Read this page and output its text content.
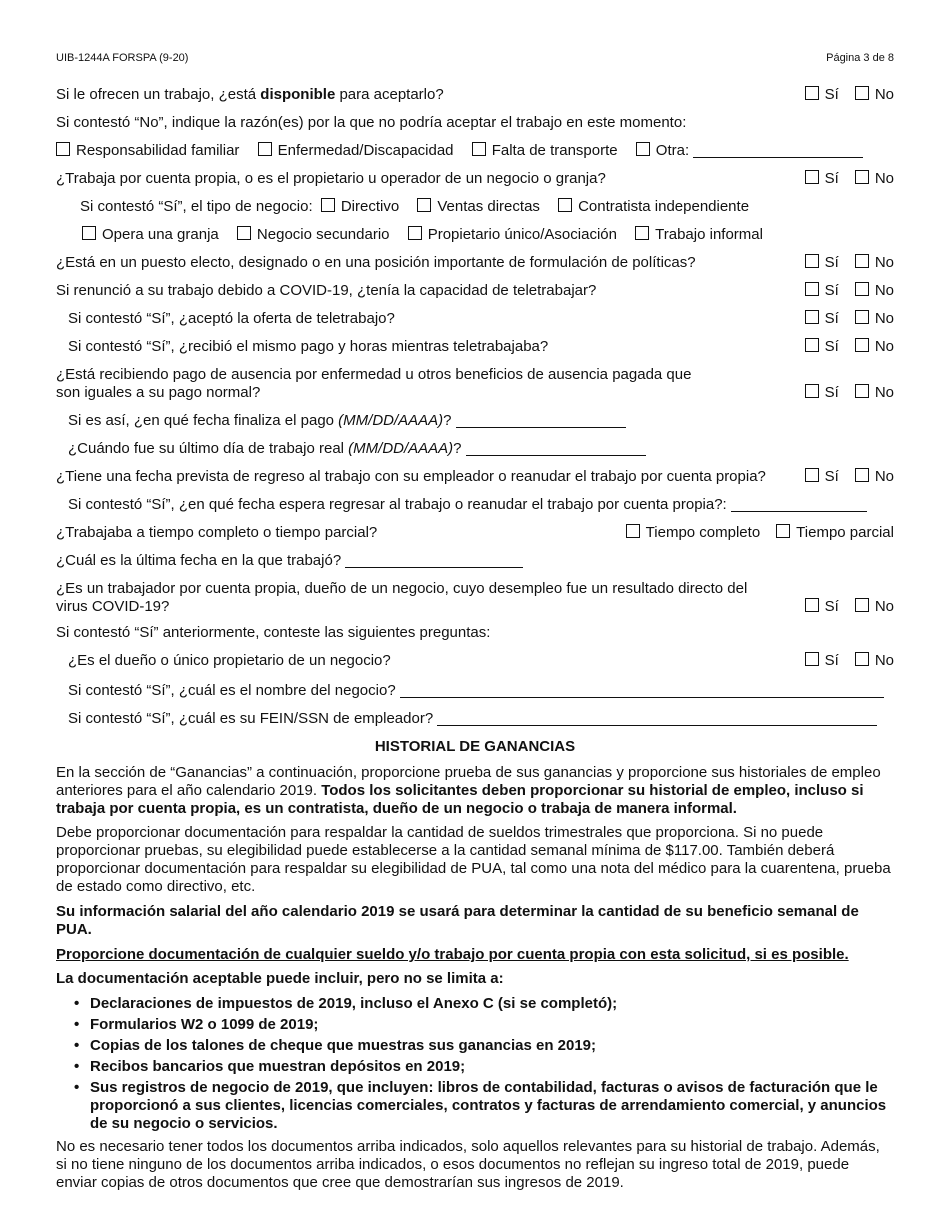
UIB-1244A FORSPA (9-20)	Página 3 de 8
Si le ofrecen un trabajo, ¿está disponible para aceptarlo?	Sí No
Si contestó “No”, indique la razón(es) por la que no podría aceptar el trabajo en este momento:
Responsabilidad familiar	Enfermedad/Discapacidad	Falta de transporte	Otra:
¿Trabaja por cuenta propia, o es el propietario u operador de un negocio o granja?	Sí No
Si contestó “Sí”, el tipo de negocio: Directivo	Ventas directas	Contratista independiente
Opera una granja	Negocio secundario	Propietario único/Asociación	Trabajo informal
¿Está en un puesto electo, designado o en una posición importante de formulación de políticas?	Sí No
Si renunció a su trabajo debido a COVID-19, ¿tenía la capacidad de teletrabajar?	Sí No
Si contestó “Sí”, ¿aceptó la oferta de teletrabajo?	Sí No
Si contestó “Sí”, ¿recibió el mismo pago y horas mientras teletrabajaba?	Sí No
¿Está recibiendo pago de ausencia por enfermedad u otros beneficios de ausencia pagada que
son iguales a su pago normal?	Sí No
Si es así, ¿en qué fecha finaliza el pago (MM/DD/AAAA)?
¿Cuándo fue su último día de trabajo real (MM/DD/AAAA)?
¿Tiene una fecha prevista de regreso al trabajo con su empleador o reanudar el trabajo por cuenta propia?	Sí No
Si contestó “Sí”, ¿en qué fecha espera regresar al trabajo o reanudar el trabajo por cuenta propia?:
¿Trabajaba a tiempo completo o tiempo parcial?	Tiempo completo Tiempo parcial
¿Cuál es la última fecha en la que trabajó?
¿Es un trabajador por cuenta propia, dueño de un negocio, cuyo desempleo fue un resultado directo del
virus COVID-19?	Sí No
Si contestó “Sí” anteriormente, conteste las siguientes preguntas:
¿Es el dueño o único propietario de un negocio?	Sí No
Si contestó “Sí”, ¿cuál es el nombre del negocio?
Si contestó “Sí”, ¿cuál es su FEIN/SSN de empleador?
HISTORIAL DE GANANCIAS
En la sección de “Ganancias” a continuación, proporcione prueba de sus ganancias y proporcione sus historiales de empleo anteriores para el año calendario 2019. Todos los solicitantes deben proporcionar su historial de empleo, incluso si trabaja por cuenta propia, es un contratista, dueño de un negocio o trabaja de manera informal.
Debe proporcionar documentación para respaldar la cantidad de sueldos trimestrales que proporciona. Si no puede proporcionar pruebas, su elegibilidad puede establecerse a la cantidad semanal mínima de $117.00. También deberá proporcionar documentación para respaldar su elegibilidad de PUA, tal como una nota del médico para la cuarentena, prueba de estado como directivo, etc.
Su información salarial del año calendario 2019 se usará para determinar la cantidad de su beneficio semanal de PUA.
Proporcione documentación de cualquier sueldo y/o trabajo por cuenta propia con esta solicitud, si es posible.
La documentación aceptable puede incluir, pero no se limita a:
• Declaraciones de impuestos de 2019, incluso el Anexo C (si se completó);
• Formularios W2 o 1099 de 2019;
• Copias de los talones de cheque que muestras sus ganancias en 2019;
• Recibos bancarios que muestran depósitos en 2019;
• Sus registros de negocio de 2019, que incluyen: libros de contabilidad, facturas o avisos de facturación que le proporcionó a sus clientes, licencias comerciales, contratos y facturas de arrendamiento comercial, y anuncios de su negocio o servicios.
No es necesario tener todos los documentos arriba indicados, solo aquellos relevantes para su historial de trabajo. Además, si no tiene ninguno de los documentos arriba indicados, o esos documentos no reflejan su ingreso total de 2019, puede enviar copias de otros documentos que cree que demostrarían sus ingresos de 2019.
